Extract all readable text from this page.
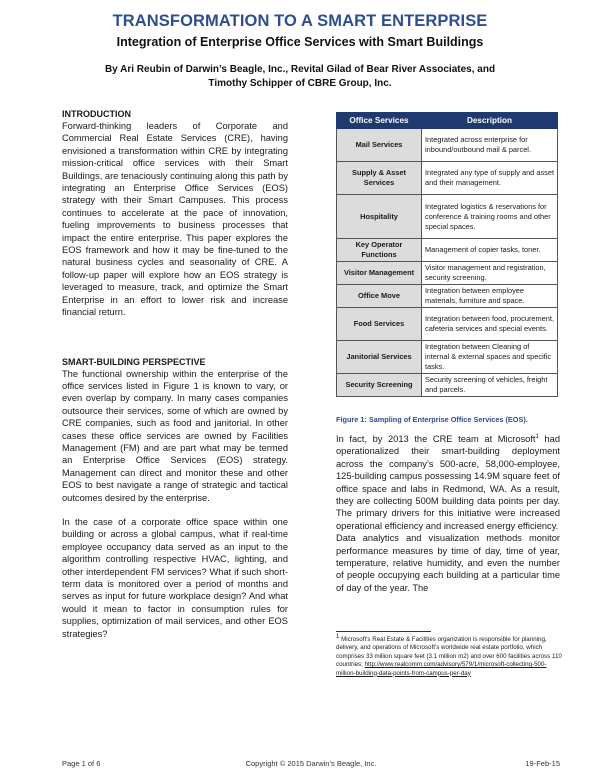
TRANSFORMATION TO A SMART ENTERPRISE
Integration of Enterprise Office Services with Smart Buildings
By Ari Reubin of Darwin’s Beagle, Inc., Revital Gilad of Bear River Associates, and
Timothy Schipper of CBRE Group, Inc.
INTRODUCTION

Forward-thinking leaders of Corporate and Commercial Real Estate Services (CRE), having envisioned a transformation within CRE by integrating mission-critical office services with their Smart Buildings, are tenaciously continuing along this path by integrating an Enterprise Office Services (EOS) strategy with their Smart Campuses. This process continues to accelerate at the pace of innovation, fueling improvements to business processes that impact the entire enterprise. This paper explores the EOS framework and how it may be fine-tuned to the natural business cycles and seasonality of CRE. A follow-up paper will explore how an EOS strategy is leveraged to measure, track, and optimize the Smart Enterprise in an effort to lower risk and increase financial return.

SMART-BUILDING PERSPECTIVE

The functional ownership within the enterprise of the office services listed in Figure 1 is known to vary, or even overlap by company. In many cases companies outsource their services, some of which are owned by CRE companies, such as food and janitorial. In other cases these office services are owned by Facilities Management (FM) and are part what may be termed an Enterprise Office Services (EOS) strategy. Management can direct and monitor these and other EOS to best navigate a range of strategic and tactical outcomes desired by the enterprise.

In the case of a corporate office space within one building or across a global campus, what if real-time employee occupancy data served as an input to the algorithm controlling respective HVAC, lighting, and other interdependent FM services? What if such short-term data is monitored over a period of months and serves as input for future workplace design? And what would it mean to factor in consumption rules for supplies, optimization of mail services, and other EOS strategies?

Office Services	Description
Mail Services	Integrated across enterprise for inbound/outbound mail & parcel.
Supply & Asset Services	Integrated any type of supply and asset and their management.
Hospitality	Integrated logistics & reservations for conference & training rooms and other special spaces.
Key Operator Functions	Management of copier tasks, toner.
Visitor Management	Visitor management and registration, security screening.
Office Move	Integration between employee materials, furniture and space.
Food Services	Integration between food, procurement, cafeteria services and special events.
Janitorial Services	Integration between Cleaning of internal & external spaces and specific tasks.
Security Screening	Security screening of vehicles, freight and parcels.
Figure 1: Sampling of Enterprise Office Services (EOS).

In fact, by 2013 the CRE team at Microsoft$^1$ had operationalized their smart-building deployment across the company’s 500-acre, 58,000-employee, 125-building campus possessing 14.9M square feet of office space and labs in Redmond, WA. As a result, they are collecting 500M building data points per day. The primary drivers for this initiative were increased operational efficiency and increased energy efficiency.

Data analytics and visualization methods monitor performance measures by time of day, time of year, temperature, relative humidity, and even the number of people occupying each building at a particular time of day of the year. The

$^1$ Microsoft’s Real Estate & Facilities organization is responsible for planning, delivery, and operations of Microsoft’s worldwide real estate portfolio, which comprises 33 million square feet (3.1 million m2) and over 600 facilities across 110 countries; http://www.realcomm.com/advisory/579/1/microsoft-collecting-500-million-building-data-points-from-campus-per-day
Page 1 of 6	Copyright © 2015 Darwin’s Beagle, Inc.	19-Feb-15
